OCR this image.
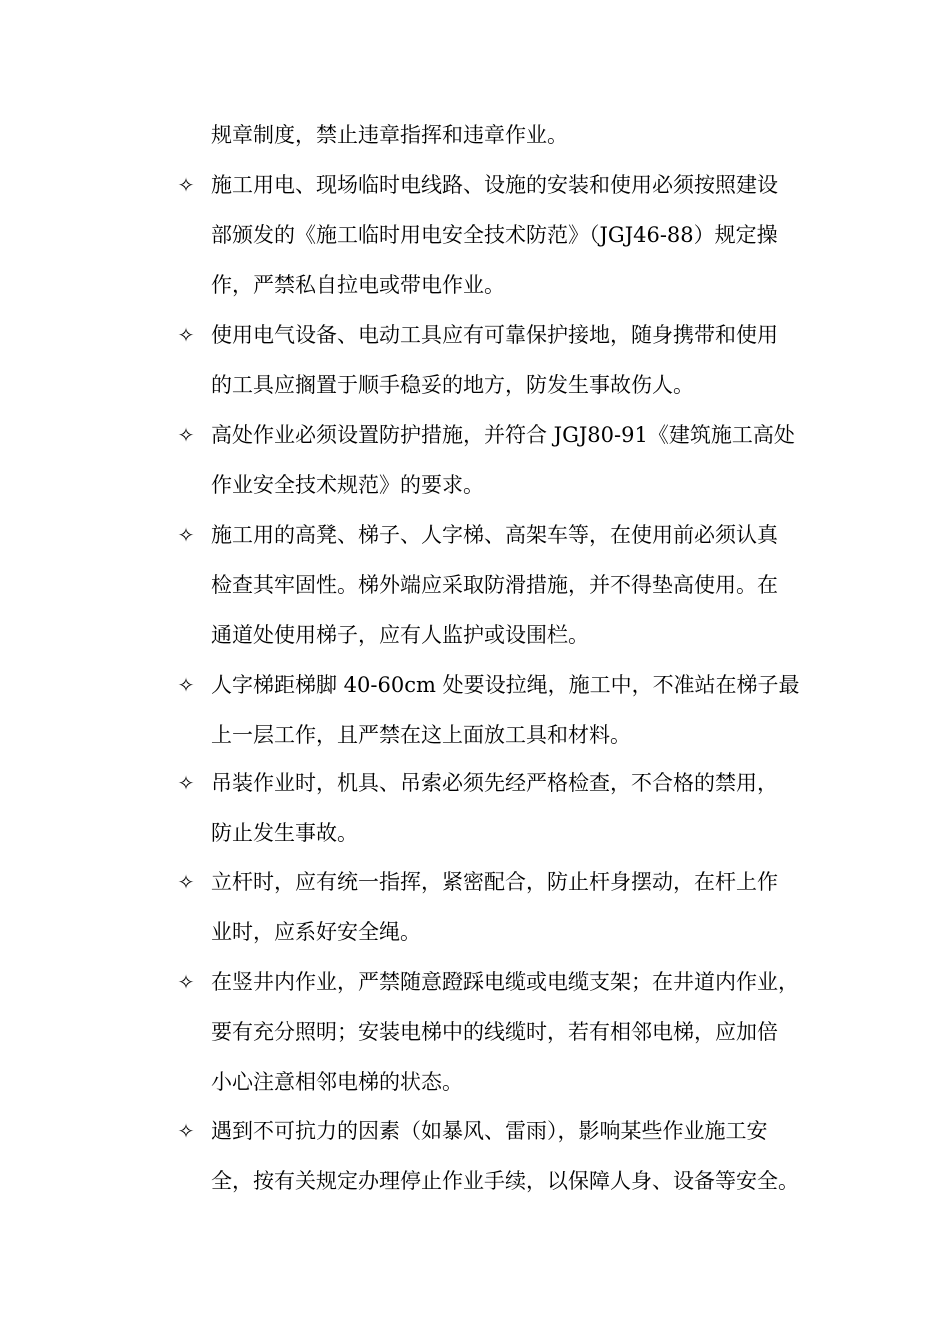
规章制度，禁止违章指挥和违章作业。
✧ 施工用电、现场临时电线路、设施的安装和使用必须按照建设
部颁发的《施工临时用电安全技术防范》（JGJ46-88）规定操
作，严禁私自拉电或带电作业。
✧ 使用电气设备、电动工具应有可靠保护接地，随身携带和使用
的工具应搁置于顺手稳妥的地方，防发生事故伤人。
✧ 高处作业必须设置防护措施，并符合 JGJ80-91《建筑施工高处
作业安全技术规范》的要求。
✧ 施工用的高凳、梯子、人字梯、高架车等，在使用前必须认真
检查其牢固性。梯外端应采取防滑措施，并不得垫高使用。在
通道处使用梯子，应有人监护或设围栏。
✧ 人字梯距梯脚 40-60cm 处要设拉绳，施工中，不准站在梯子最
上一层工作，且严禁在这上面放工具和材料。
✧ 吊装作业时，机具、吊索必须先经严格检查，不合格的禁用，
防止发生事故。
✧ 立杆时，应有统一指挥，紧密配合，防止杆身摆动，在杆上作
业时，应系好安全绳。
✧ 在竖井内作业，严禁随意蹬踩电缆或电缆支架；在井道内作业，
要有充分照明；安装电梯中的线缆时，若有相邻电梯，应加倍
小心注意相邻电梯的状态。
✧ 遇到不可抗力的因素（如暴风、雷雨），影响某些作业施工安
全，按有关规定办理停止作业手续，以保障人身、设备等安全。
